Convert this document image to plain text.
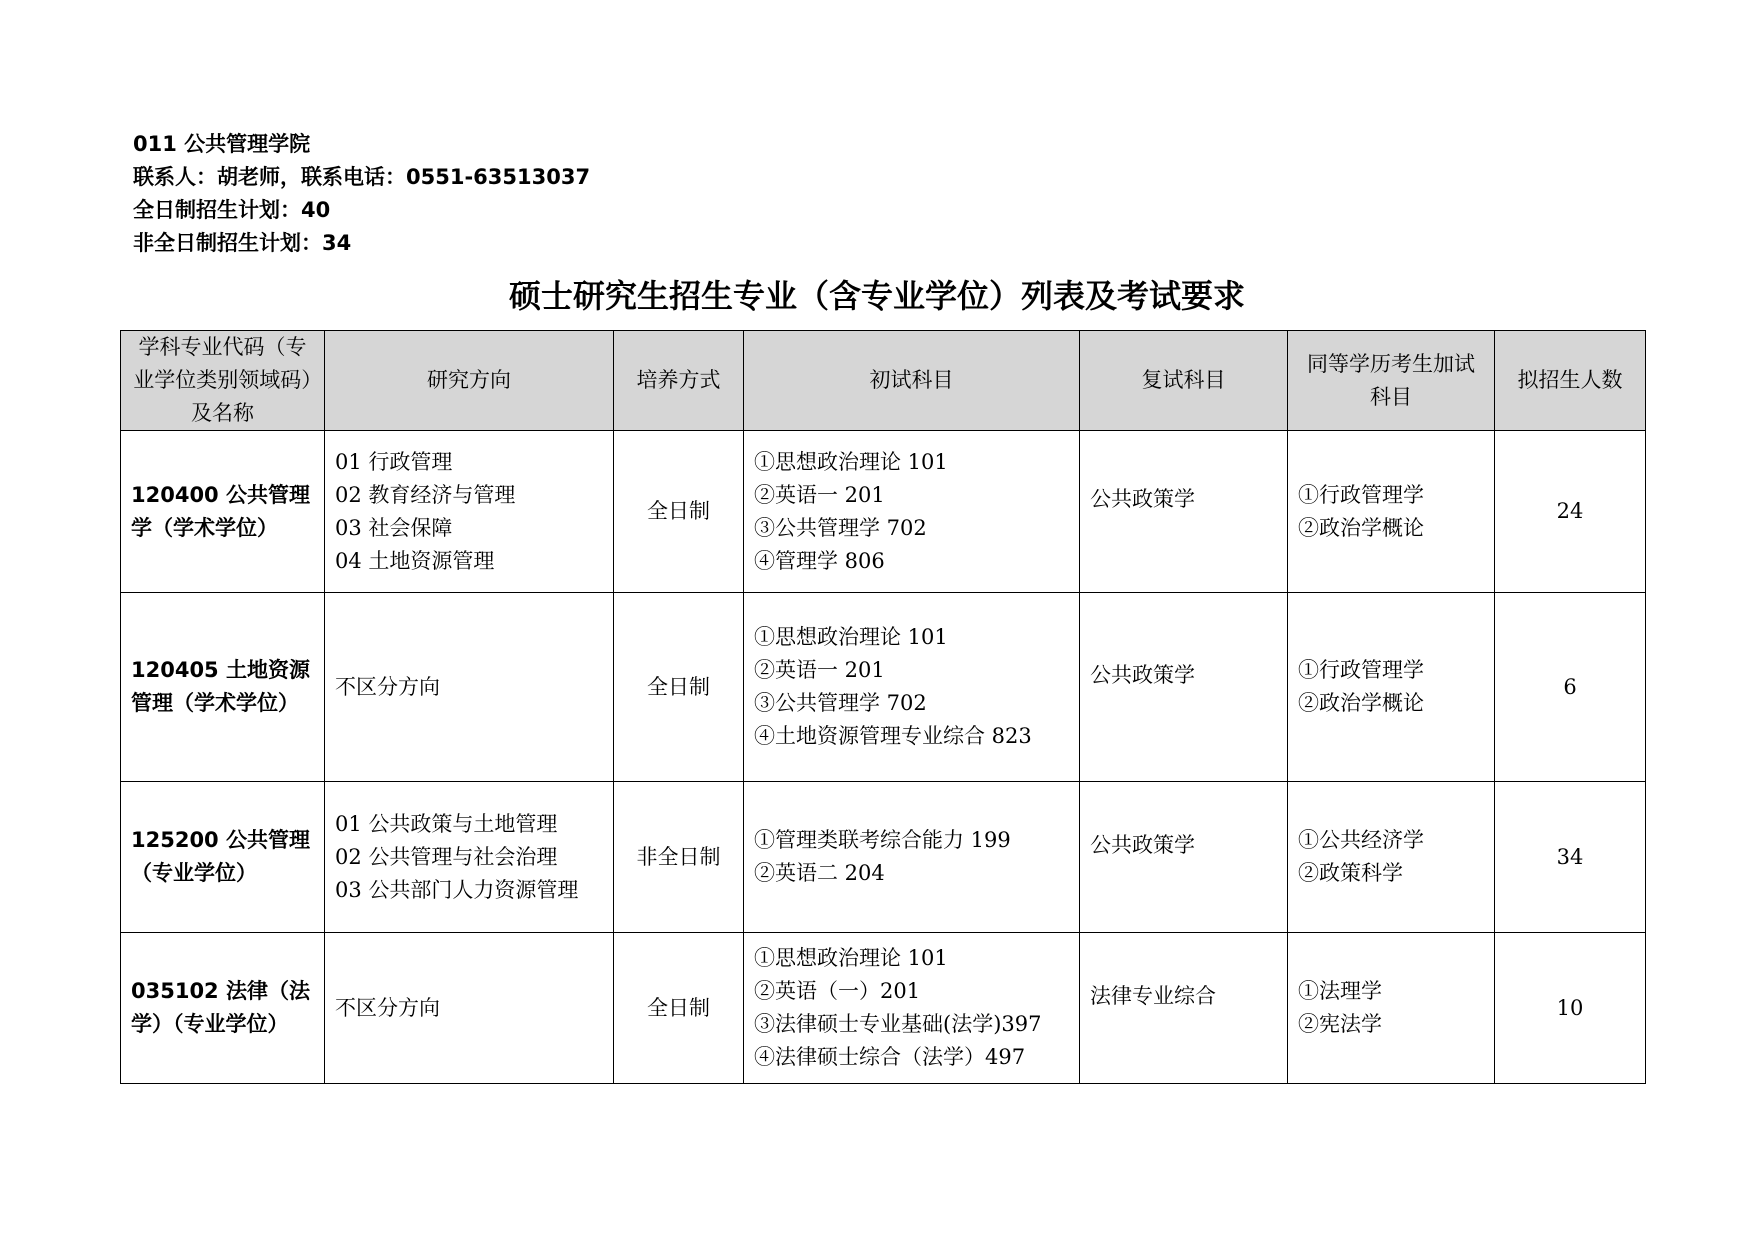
011 公共管理学院
联系人：胡老师，联系电话：0551-63513037
全日制招生计划：40
非全日制招生计划：34
硕士研究生招生专业（含专业学位）列表及考试要求
学科专业代码（专业学位类别领域码）及名称	研究方向	培养方式	初试科目	复试科目	同等学历考生加试科目	拟招生人数
120400 公共管理学（学术学位）	01 行政管理
02 教育经济与管理
03 社会保障
04 土地资源管理	全日制	①思想政治理论 101
②英语一 201
③公共管理学 702
④管理学 806	公共政策学	①行政管理学
②政治学概论	24
120405 土地资源管理（学术学位）	不区分方向	全日制	①思想政治理论 101
②英语一 201
③公共管理学 702
④土地资源管理专业综合 823	公共政策学	①行政管理学
②政治学概论	6
125200 公共管理（专业学位）	01 公共政策与土地管理
02 公共管理与社会治理
03 公共部门人力资源管理	非全日制	①管理类联考综合能力 199
②英语二 204	公共政策学	①公共经济学
②政策科学	34
035102 法律（法学）（专业学位）	不区分方向	全日制	①思想政治理论 101
②英语（一）201
③法律硕士专业基础(法学)397
④法律硕士综合（法学）497	法律专业综合	①法理学
②宪法学	10
